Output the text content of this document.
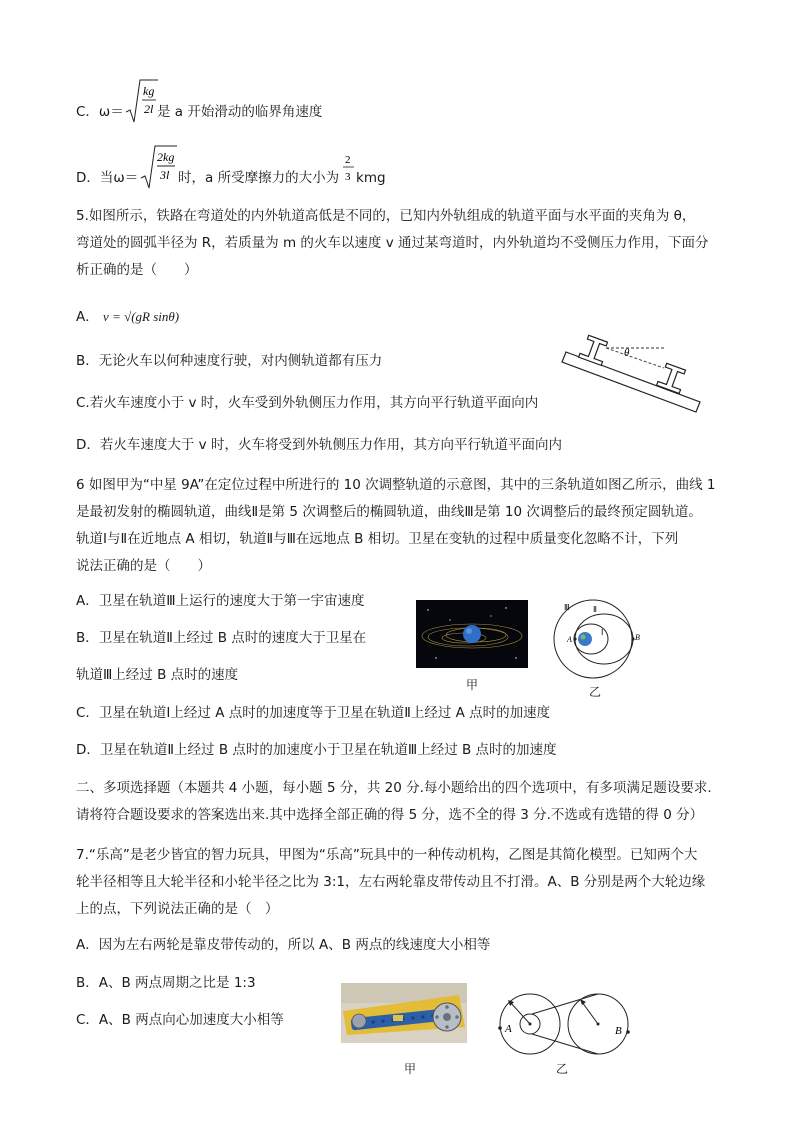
C．ω＝
kg
2l 是 a 开始滑动的临界角速度
D．当ω＝
2kg
3l 时，a 所受摩擦力的大小为
2
3 kmg
5.如图所示，铁路在弯道处的内外轨道高低是不同的，已知内外轨组成的轨道平面与水平面的夹角为 θ，
弯道处的圆弧半径为 R，若质量为 m 的火车以速度 v 通过某弯道时，内外轨道均不受侧压力作用，下面分
析正确的是（　　）
A． v = √(gR sinθ)
B．无论火车以何种速度行驶，对内侧轨道都有压力
C.若火车速度小于 v 时，火车受到外轨侧压力作用，其方向平行轨道平面向内
D．若火车速度大于 v 时，火车将受到外轨侧压力作用，其方向平行轨道平面向内
θ
6 如图甲为“中星 9A”在定位过程中所进行的 10 次调整轨道的示意图，其中的三条轨道如图乙所示，曲线 1
是最初发射的椭圆轨道，曲线Ⅱ是第 5 次调整后的椭圆轨道，曲线Ⅲ是第 10 次调整后的最终预定圆轨道。
轨道Ⅰ与Ⅱ在近地点 A 相切，轨道Ⅱ与Ⅲ在远地点 B 相切。卫星在变轨的过程中质量变化忽略不计，下列
说法正确的是（　　）
A．卫星在轨道Ⅲ上运行的速度大于第一宇宙速度
B．卫星在轨道Ⅱ上经过 B 点时的速度大于卫星在
轨道Ⅲ上经过 B 点时的速度
C．卫星在轨道Ⅰ上经过 A 点时的加速度等于卫星在轨道Ⅱ上经过 A 点时的加速度
D．卫星在轨道Ⅱ上经过 B 点时的加速度小于卫星在轨道Ⅲ上经过 B 点时的加速度
甲
Ⅲ	Ⅱ
Ⅰ
A	B
乙
二、多项选择题（本题共 4 小题，每小题 5 分，共 20 分.每小题给出的四个选项中，有多项满足题设要求.
请将符合题设要求的答案选出来.其中选择全部正确的得 5 分，选不全的得 3 分.不选或有选错的得 0 分）
7.“乐高”是老少皆宜的智力玩具，甲图为“乐高”玩具中的一种传动机构，乙图是其简化模型。已知两个大
轮半径相等且大轮半径和小轮半径之比为 3:1，左右两轮靠皮带传动且不打滑。A、B 分别是两个大轮边缘
上的点，下列说法正确的是（　）
A．因为左右两轮是靠皮带传动的，所以 A、B 两点的线速度大小相等
B．A、B 两点周期之比是 1:3
C．A、B 两点向心加速度大小相等
甲
A	B
乙
